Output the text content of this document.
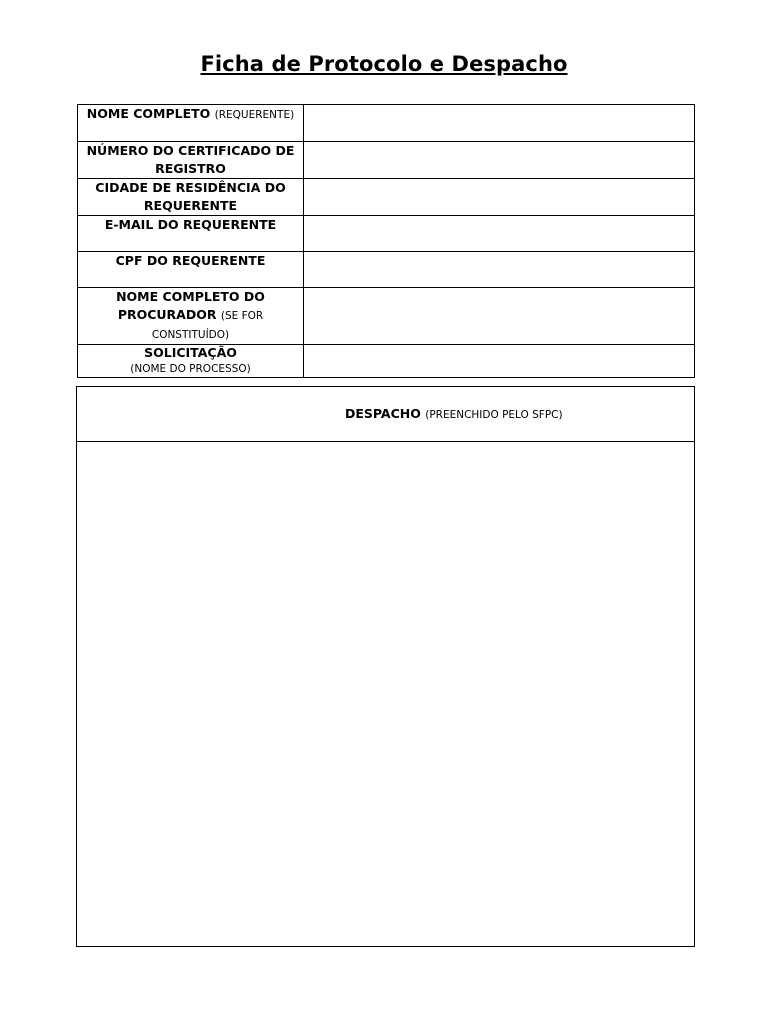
Ficha de Protocolo e Despacho
NOME COMPLETO (REQUERENTE)	
NÚMERO DO CERTIFICADO DE REGISTRO	
CIDADE DE RESIDÊNCIA DO REQUERENTE	
E-MAIL DO REQUERENTE	
CPF DO REQUERENTE	
NOME COMPLETO DO PROCURADOR (SE FOR CONSTITUÍDO)	
SOLICITAÇÃO
(NOME DO PROCESSO)	
DESPACHO (PREENCHIDO PELO SFPC)
